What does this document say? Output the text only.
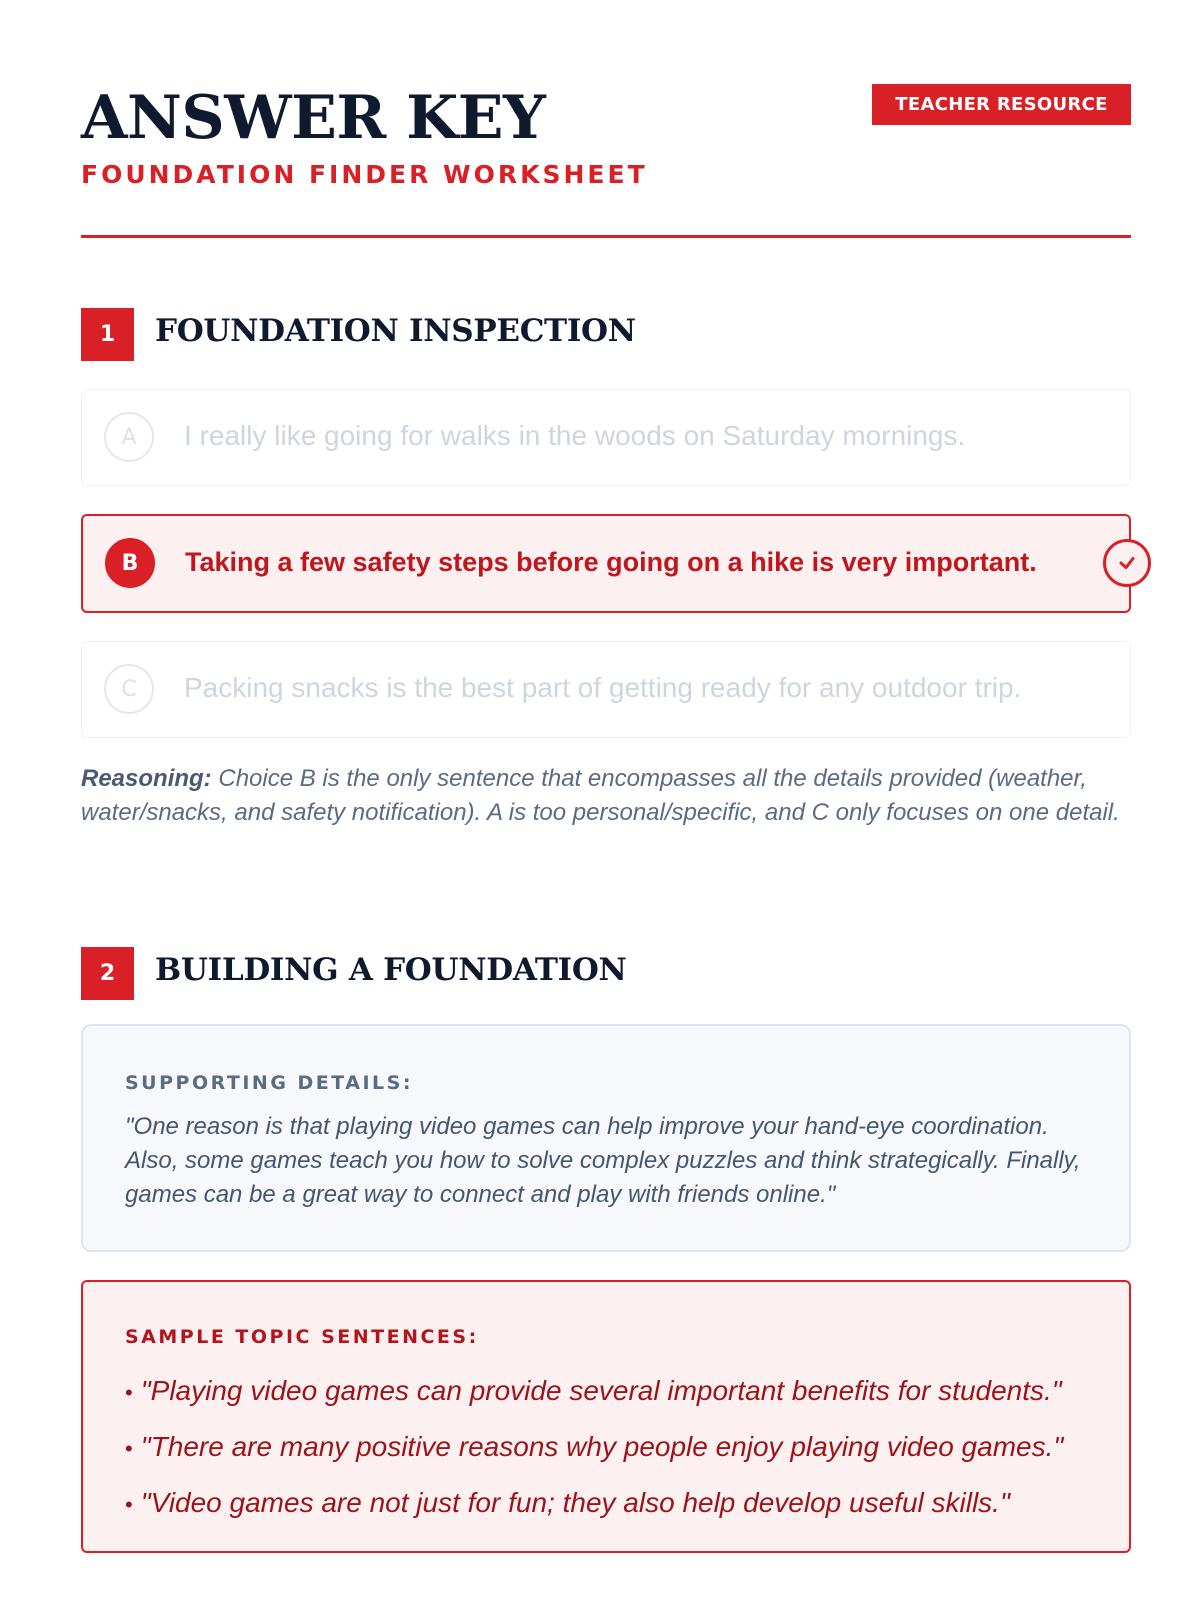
ANSWER KEY
FOUNDATION FINDER WORKSHEET
TEACHER RESOURCE
1	FOUNDATION INSPECTION
A	I really like going for walks in the woods on Saturday mornings.
B	Taking a few safety steps before going on a hike is very important.
C	Packing snacks is the best part of getting ready for any outdoor trip.
Reasoning: Choice B is the only sentence that encompasses all the details provided (weather, water/snacks, and safety notification). A is too personal/specific, and C only focuses on one detail.
2	BUILDING A FOUNDATION
SUPPORTING DETAILS:
"One reason is that playing video games can help improve your hand-eye coordination. Also, some games teach you how to solve complex puzzles and think strategically. Finally, games can be a great way to connect and play with friends online."
SAMPLE TOPIC SENTENCES:
• "Playing video games can provide several important benefits for students."
• "There are many positive reasons why people enjoy playing video games."
• "Video games are not just for fun; they also help develop useful skills."
